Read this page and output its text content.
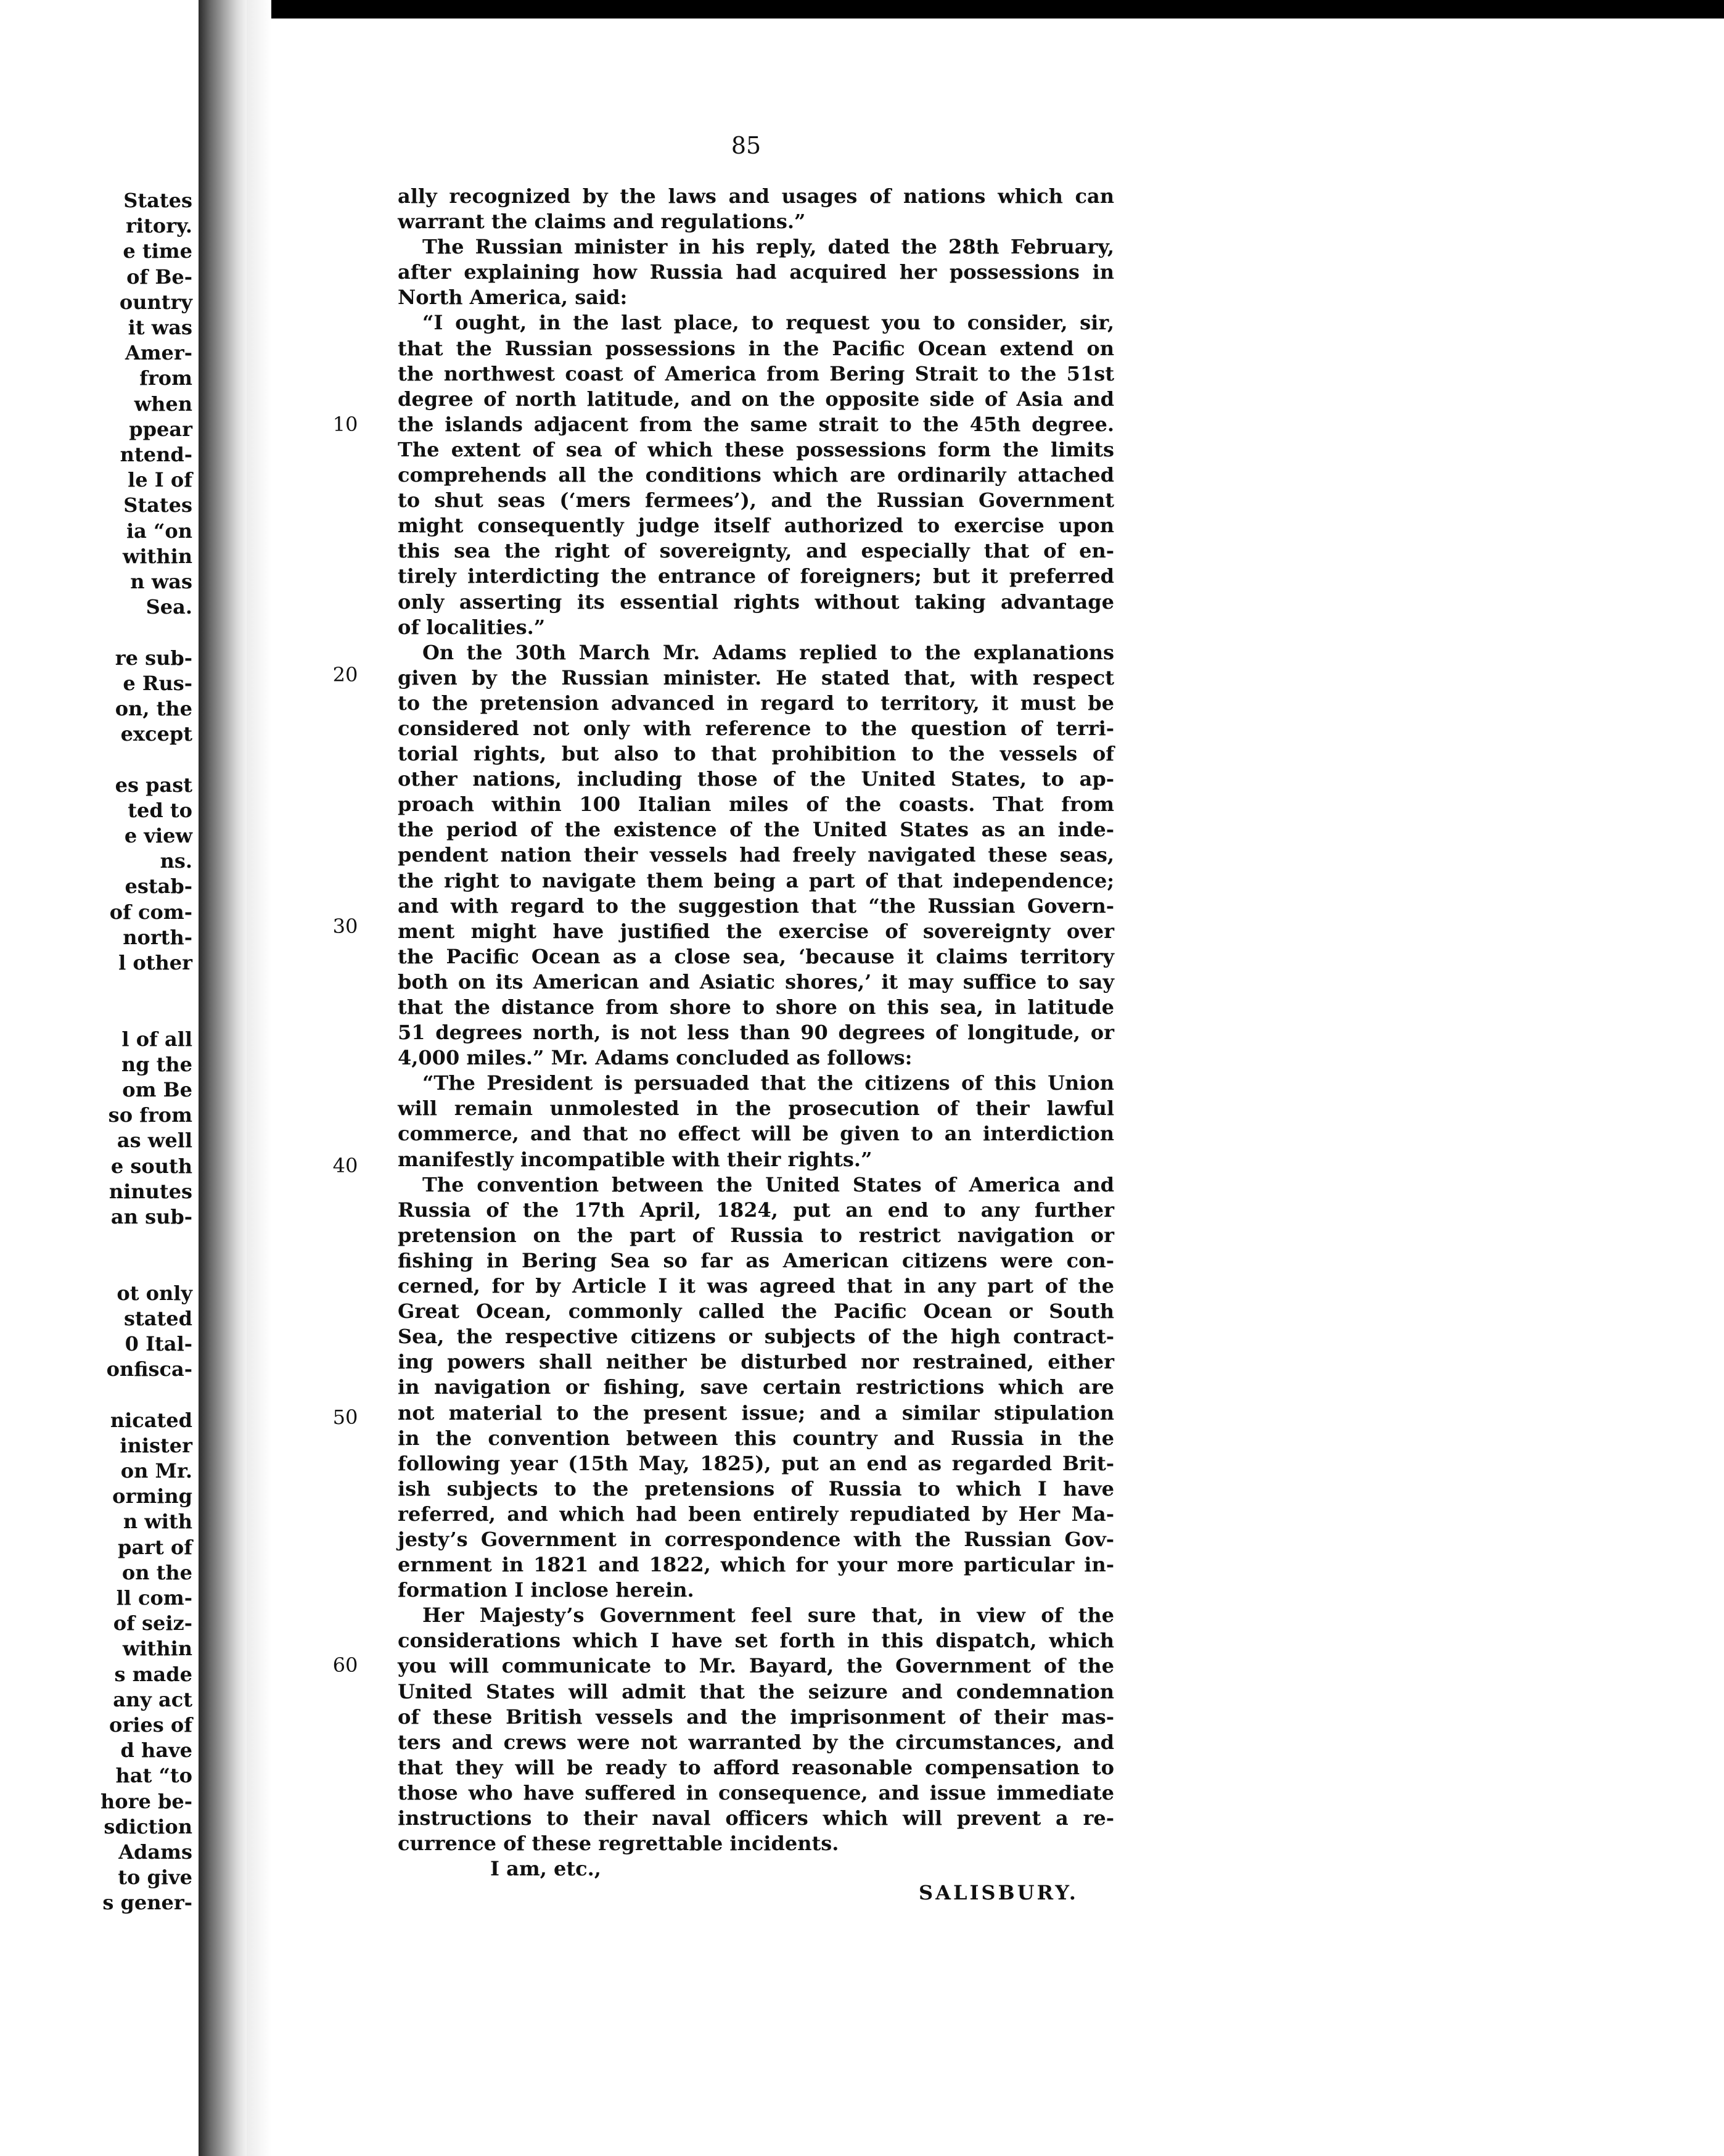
States
ritory.
e time
of Be-
ountry
it was
Amer-
from
when
ppear
ntend-
le I of
States
ia “on
within
n was
Sea.
re sub-
e Rus-
on, the
except
es past
ted to
e view
ns.
estab-
of com-
north-
l other
l of all
ng the
om Be
so from
as well
e south
ninutes
an sub-
ot only
stated
0 Ital-
onfisca-
nicated
inister
on Mr.
orming
n with
part of
on the
ll com-
of seiz-
within
s made
any act
ories of
d have
hat “to
hore be-
sdiction
Adams
to give
s gener-
85
ally recognized by the laws and usages of nations which can
warrant the claims and regulations.”
The Russian minister in his reply, dated the 28th February,
after explaining how Russia had acquired her possessions in
North America, said:
“I ought, in the last place, to request you to consider, sir,
that the Russian possessions in the Pacific Ocean extend on
the northwest coast of America from Bering Strait to the 51st
degree of north latitude, and on the opposite side of Asia and
the islands adjacent from the same strait to the 45th degree.
The extent of sea of which these possessions form the limits
comprehends all the conditions which are ordinarily attached
to shut seas (‘mers fermees’), and the Russian Government
might consequently judge itself authorized to exercise upon
this sea the right of sovereignty, and especially that of en-
tirely interdicting the entrance of foreigners; but it preferred
only asserting its essential rights without taking advantage
of localities.”
On the 30th March Mr. Adams replied to the explanations
given by the Russian minister. He stated that, with respect
to the pretension advanced in regard to territory, it must be
considered not only with reference to the question of terri-
torial rights, but also to that prohibition to the vessels of
other nations, including those of the United States, to ap-
proach within 100 Italian miles of the coasts. That from
the period of the existence of the United States as an inde-
pendent nation their vessels had freely navigated these seas,
the right to navigate them being a part of that independence;
and with regard to the suggestion that “the Russian Govern-
ment might have justified the exercise of sovereignty over
the Pacific Ocean as a close sea, ‘because it claims territory
both on its American and Asiatic shores,’ it may suffice to say
that the distance from shore to shore on this sea, in latitude
51 degrees north, is not less than 90 degrees of longitude, or
4,000 miles.” Mr. Adams concluded as follows:
“The President is persuaded that the citizens of this Union
will remain unmolested in the prosecution of their lawful
commerce, and that no effect will be given to an interdiction
manifestly incompatible with their rights.”
The convention between the United States of America and
Russia of the 17th April, 1824, put an end to any further
pretension on the part of Russia to restrict navigation or
fishing in Bering Sea so far as American citizens were con-
cerned, for by Article I it was agreed that in any part of the
Great Ocean, commonly called the Pacific Ocean or South
Sea, the respective citizens or subjects of the high contract-
ing powers shall neither be disturbed nor restrained, either
in navigation or fishing, save certain restrictions which are
not material to the present issue; and a similar stipulation
in the convention between this country and Russia in the
following year (15th May, 1825), put an end as regarded Brit-
ish subjects to the pretensions of Russia to which I have
referred, and which had been entirely repudiated by Her Ma-
jesty’s Government in correspondence with the Russian Gov-
ernment in 1821 and 1822, which for your more particular in-
formation I inclose herein.
Her Majesty’s Government feel sure that, in view of the
considerations which I have set forth in this dispatch, which
you will communicate to Mr. Bayard, the Government of the
United States will admit that the seizure and condemnation
of these British vessels and the imprisonment of their mas-
ters and crews were not warranted by the circumstances, and
that they will be ready to afford reasonable compensation to
those who have suffered in consequence, and issue immediate
instructions to their naval officers which will prevent a re-
currence of these regrettable incidents.
I am, etc.,
SALISBURY.
10
20
30
40
50
60
